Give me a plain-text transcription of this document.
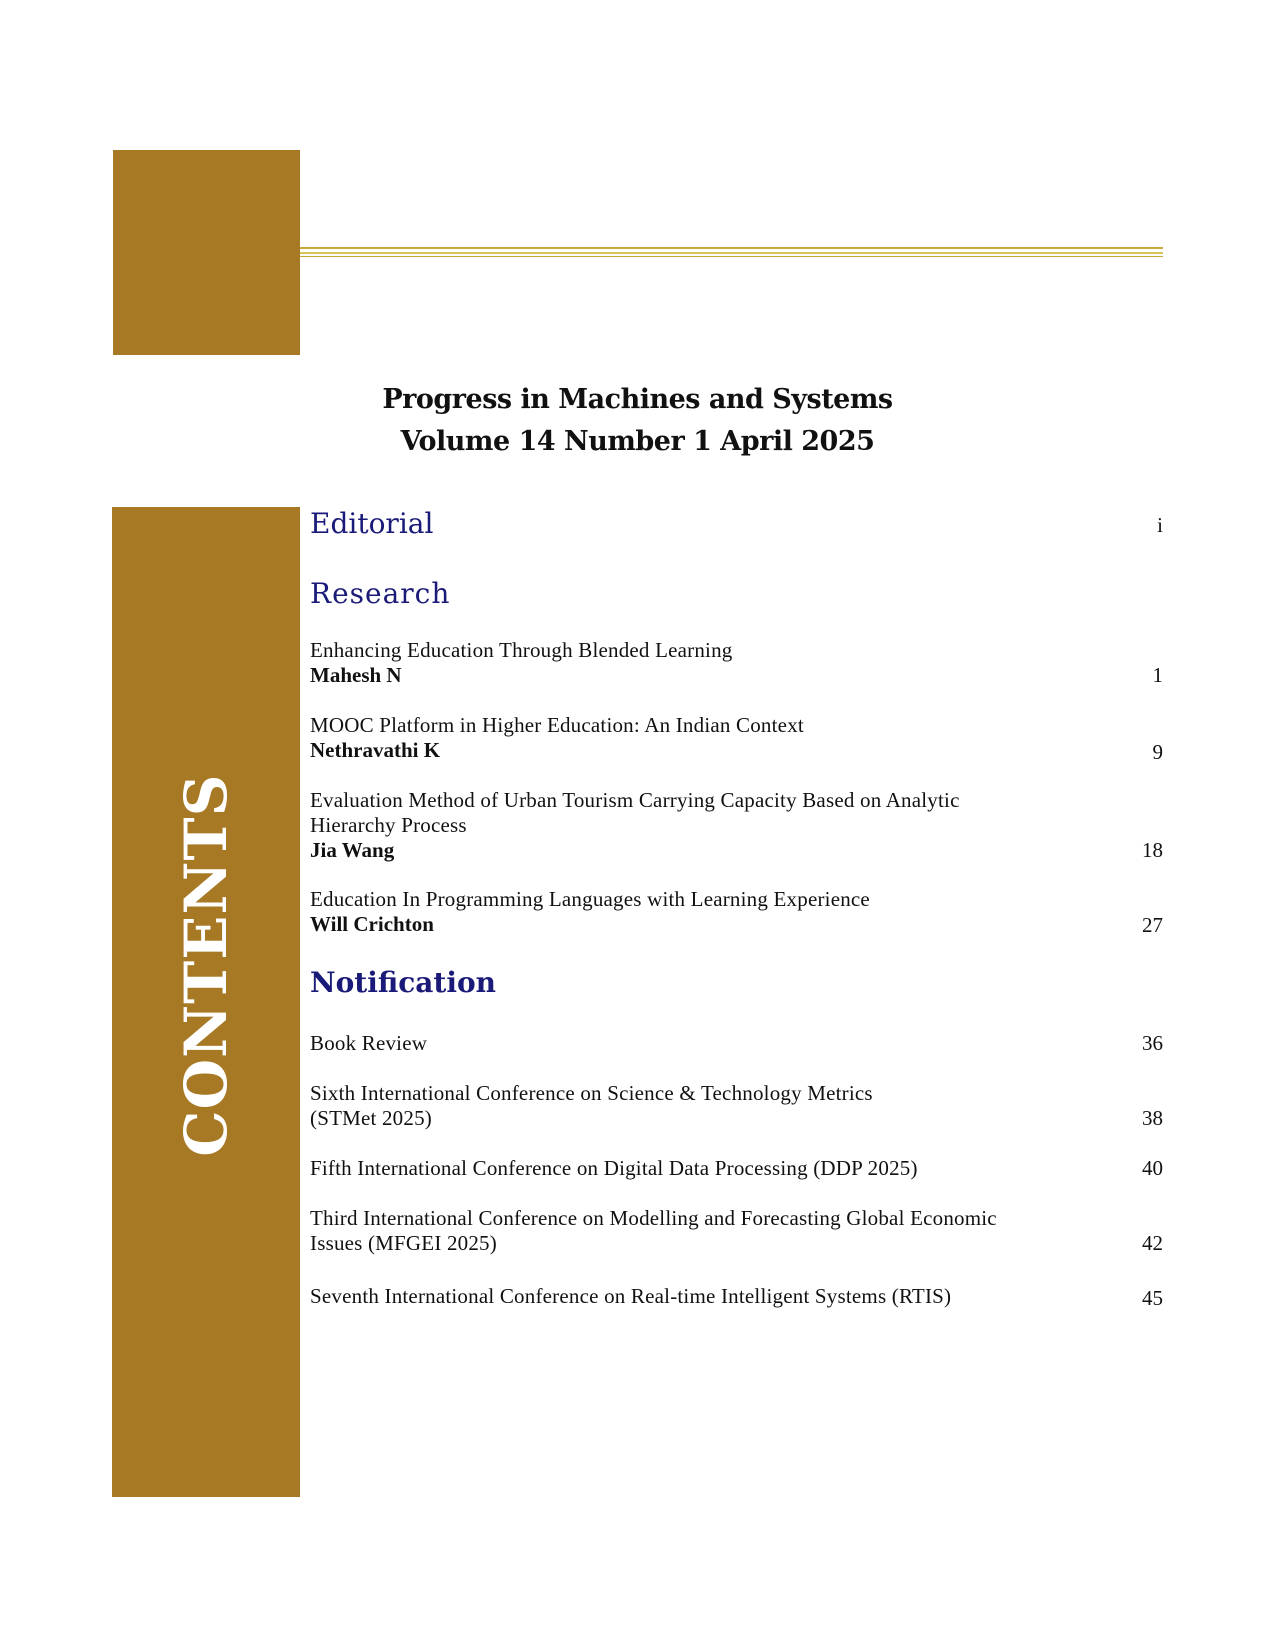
Progress in Machines and Systems
Volume 14 Number 1 April 2025
CONTENTS
Editorial	i
Research
Enhancing Education Through Blended Learning
Mahesh N	1
MOOC Platform in Higher Education: An Indian Context
Nethravathi K	9
Evaluation Method of Urban Tourism Carrying Capacity Based on Analytic
Hierarchy Process
Jia Wang	18
Education In Programming Languages with Learning Experience
Will Crichton	27
Notification
Book Review	36
Sixth International Conference on Science & Technology Metrics
(STMet 2025)	38
Fifth International Conference on Digital Data Processing (DDP 2025)	40
Third International Conference on Modelling and Forecasting Global Economic
Issues (MFGEI 2025)	42
Seventh International Conference on Real-time Intelligent Systems (RTIS)	45
